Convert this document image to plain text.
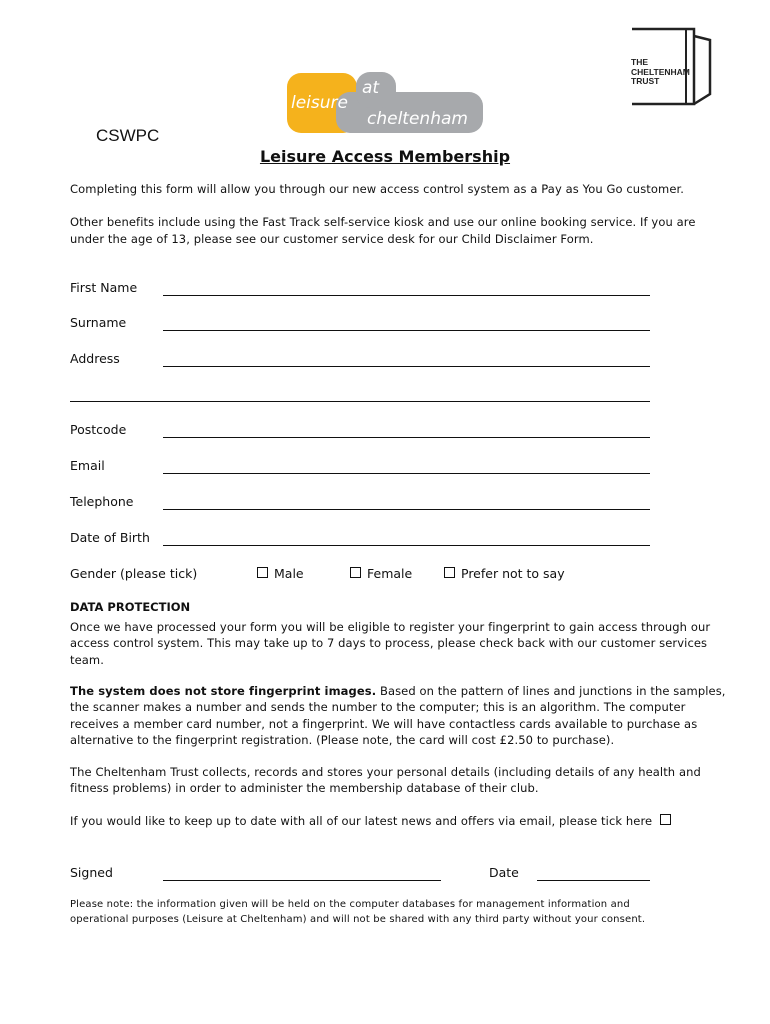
leisure
at
cheltenham
THE
CHELTENHAM
TRUST
CSWPC
Leisure Access Membership
Completing this form will allow you through our new access control system as a Pay as You Go customer.
Other benefits include using the Fast Track self-service kiosk and use our online booking service. If you are
under the age of 13, please see our customer service desk for our Child Disclaimer Form.
First Name
Surname
Address
Postcode
Email
Telephone
Date of Birth
Gender (please tick)	Male	Female	Prefer not to say
DATA PROTECTION
Once we have processed your form you will be eligible to register your fingerprint to gain access through our
access control system. This may take up to 7 days to process, please check back with our customer services
team.
The system does not store fingerprint images. Based on the pattern of lines and junctions in the samples,
the scanner makes a number and sends the number to the computer; this is an algorithm. The computer
receives a member card number, not a fingerprint. We will have contactless cards available to purchase as
alternative to the fingerprint registration. (Please note, the card will cost £2.50 to purchase).
The Cheltenham Trust collects, records and stores your personal details (including details of any health and
fitness problems) in order to administer the membership database of their club.
If you would like to keep up to date with all of our latest news and offers via email, please tick here
Signed	Date
Please note: the information given will be held on the computer databases for management information and
operational purposes (Leisure at Cheltenham) and will not be shared with any third party without your consent.
